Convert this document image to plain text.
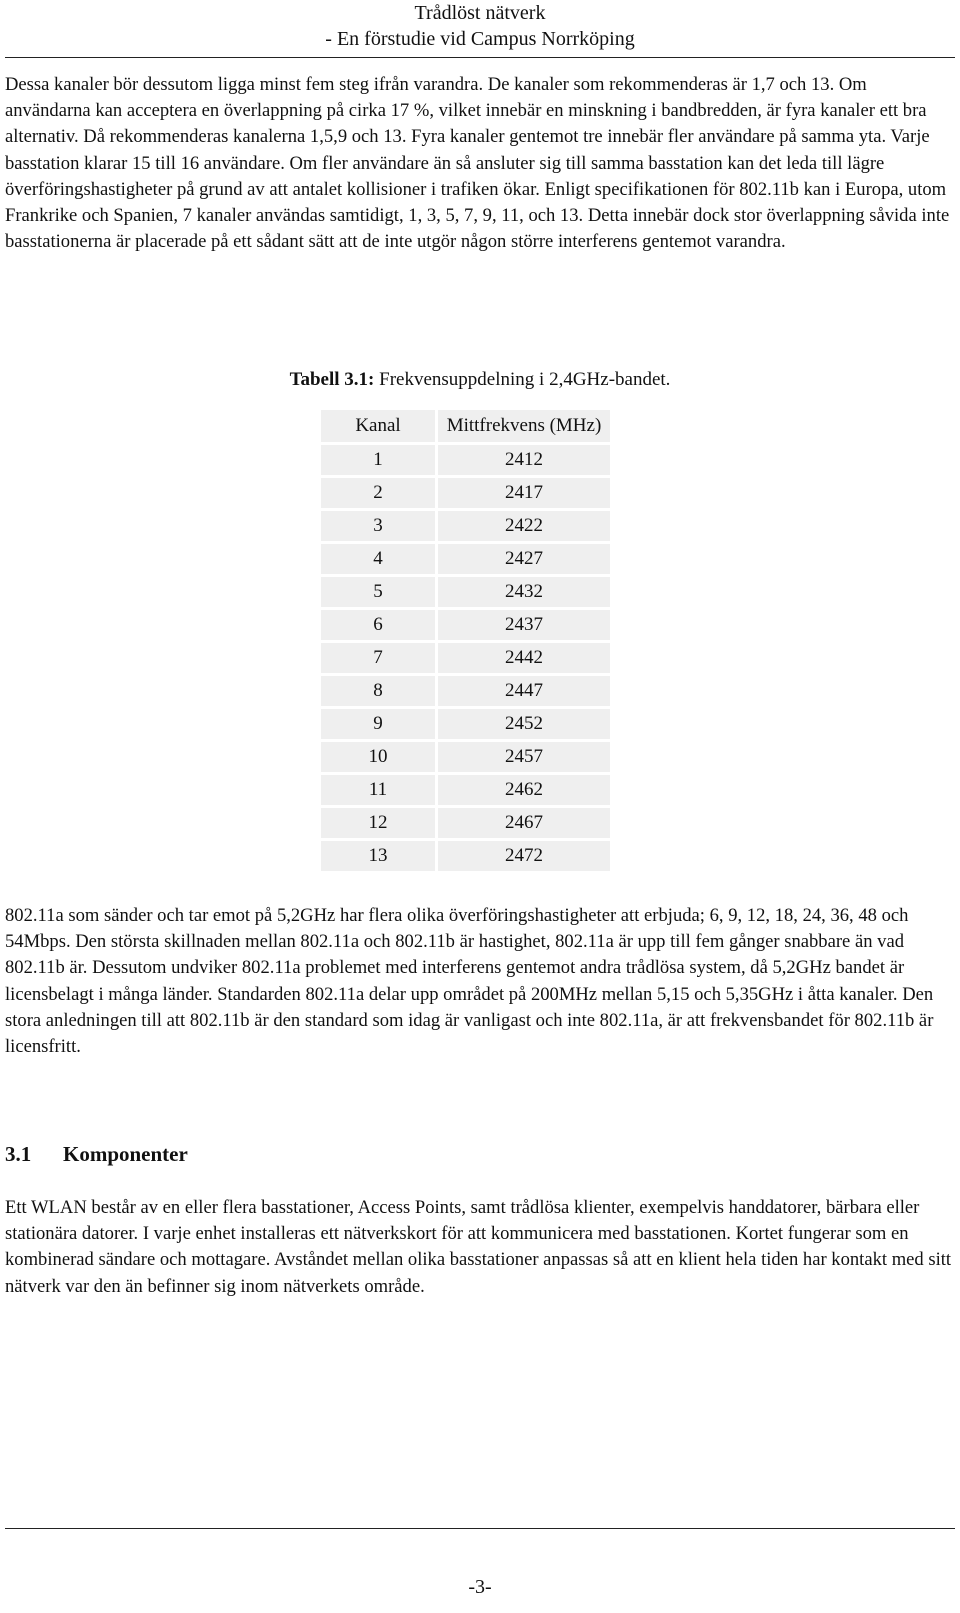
Trådlöst nätverk
- En förstudie vid Campus Norrköping

Dessa kanaler bör dessutom ligga minst fem steg ifrån varandra. De kanaler som rekommenderas är 1,7 och 13. Om användarna kan acceptera en överlappning på cirka 17 %, vilket innebär en minskning i bandbredden, är fyra kanaler ett bra alternativ. Då rekommenderas kanalerna 1,5,9 och 13. Fyra kanaler gentemot tre innebär fler användare på samma yta. Varje basstation klarar 15 till 16 användare. Om fler användare än så ansluter sig till samma basstation kan det leda till lägre överföringshastigheter på grund av att antalet kollisioner i trafiken ökar. Enligt specifikationen för 802.11b kan i Europa, utom Frankrike och Spanien, 7 kanaler användas samtidigt, 1, 3, 5, 7, 9, 11, och 13. Detta innebär dock stor överlappning såvida inte basstationerna är placerade på ett sådant sätt att de inte utgör någon större interferens gentemot varandra.

Tabell 3.1: Frekvensuppdelning i 2,4GHz-bandet.
Kanal	Mittfrekvens (MHz)
1	2412
2	2417
3	2422
4	2427
5	2432
6	2437
7	2442
8	2447
9	2452
10	2457
11	2462
12	2467
13	2472

802.11a som sänder och tar emot på 5,2GHz har flera olika överföringshastigheter att erbjuda; 6, 9, 12, 18, 24, 36, 48 och 54Mbps. Den största skillnaden mellan 802.11a och 802.11b är hastighet, 802.11a är upp till fem gånger snabbare än vad 802.11b är. Dessutom undviker 802.11a problemet med interferens gentemot andra trådlösa system, då 5,2GHz bandet är licensbelagt i många länder. Standarden 802.11a delar upp området på 200MHz mellan 5,15 och 5,35GHz i åtta kanaler. Den stora anledningen till att 802.11b är den standard som idag är vanligast och inte 802.11a, är att frekvensbandet för 802.11b är licensfritt.

3.1 Komponenter

Ett WLAN består av en eller flera basstationer, Access Points, samt trådlösa klienter, exempelvis handdatorer, bärbara eller stationära datorer. I varje enhet installeras ett nätverkskort för att kommunicera med basstationen. Kortet fungerar som en kombinerad sändare och mottagare. Avståndet mellan olika basstationer anpassas så att en klient hela tiden har kontakt med sitt nätverk var den än befinner sig inom nätverkets område.

-3-
